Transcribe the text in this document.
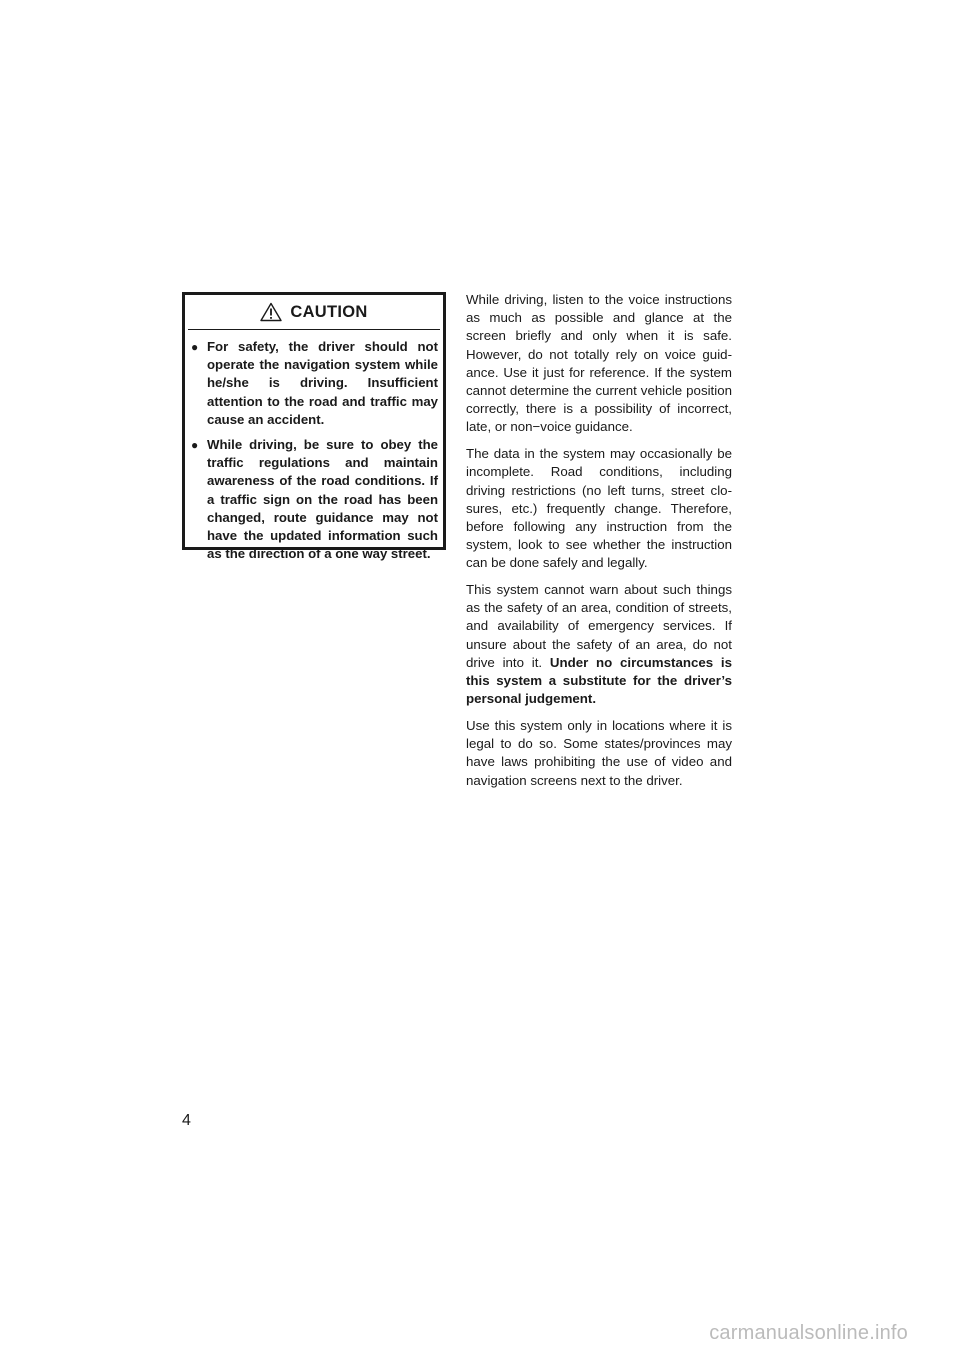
CAUTION
● For safety, the driver should not operate the navigation system while he/she is driving. Insufficient attention to the road and traffic may cause an accident.
● While driving, be sure to obey the traffic regulations and maintain awareness of the road conditions. If a traffic sign on the road has been changed, route guidance may not have the updated information such as the direction of a one way street.

While driving, listen to the voice instructions as much as possible and glance at the screen briefly and only when it is safe. However, do not totally rely on voice guidance. Use it just for reference. If the system cannot determine the current vehicle position correctly, there is a possibility of incorrect, late, or non−voice guidance.

The data in the system may occasionally be incomplete. Road conditions, including driving restrictions (no left turns, street closures, etc.) frequently change. Therefore, before following any instruction from the system, look to see whether the instruction can be done safely and legally.

This system cannot warn about such things as the safety of an area, condition of streets, and availability of emergency services. If unsure about the safety of an area, do not drive into it. Under no circumstances is this system a substitute for the driver’s personal judgement.

Use this system only in locations where it is legal to do so. Some states/provinces may have laws prohibiting the use of video and navigation screens next to the driver.

4
carmanualsonline.info
